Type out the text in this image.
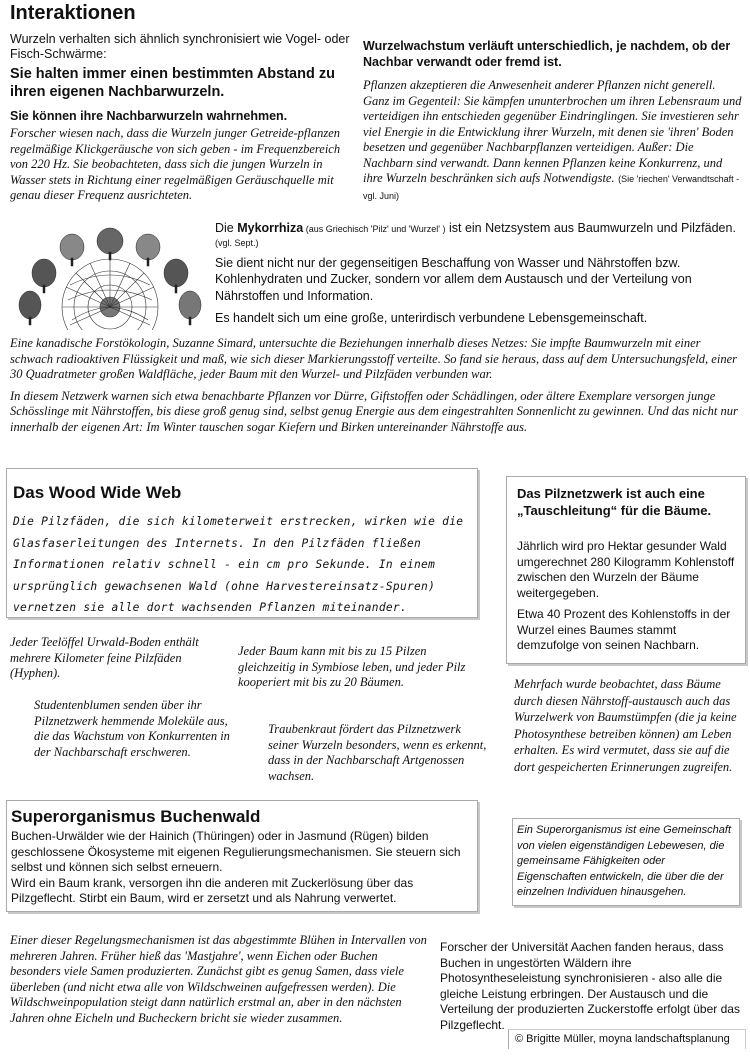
Interaktionen
Wurzeln verhalten sich ähnlich synchronisiert wie Vogel- oder Fisch-Schwärme:
Sie halten immer einen bestimmten Abstand zu ihren eigenen Nachbarwurzeln.
Sie können ihre Nachbarwurzeln wahrnehmen.
Forscher wiesen nach, dass die Wurzeln junger Getreide-pflanzen regelmäßige Klickgeräusche von sich geben - im Frequenzbereich von 220 Hz. Sie beobachteten, dass sich die jungen Wurzeln in Wasser stets in Richtung einer regelmäßigen Geräuschquelle mit genau dieser Frequenz ausrichteten.
Wurzelwachstum verläuft unterschiedlich, je nachdem, ob der Nachbar verwandt oder fremd ist.
Pflanzen akzeptieren die Anwesenheit anderer Pflanzen nicht generell. Ganz im Gegenteil: Sie kämpfen ununterbrochen um ihren Lebensraum und verteidigen ihn entschieden gegenüber Eindringlingen. Sie investieren sehr viel Energie in die Entwicklung ihrer Wurzeln, mit denen sie 'ihren' Boden besetzen und gegenüber Nachbarpflanzen verteidigen. Außer: Die Nachbarn sind verwandt. Dann kennen Pflanzen keine Konkurrenz, und ihre Wurzeln beschränken sich aufs Notwendigste. (Sie 'riechen' Verwandtschaft - vgl. Juni)
Die Mykorrhiza (aus Griechisch 'Pilz' und 'Wurzel' ) ist ein Netzsystem aus Baumwurzeln und Pilzfäden.
(vgl. Sept.)
Sie dient nicht nur der gegenseitigen Beschaffung von Wasser und Nährstoffen bzw. Kohlenhydraten und Zucker, sondern vor allem dem Austausch und der Verteilung von Nährstoffen und Information.
Es handelt sich um eine große, unterirdisch verbundene Lebensgemeinschaft.
Eine kanadische Forstökologin, Suzanne Simard, untersuchte die Beziehungen innerhalb dieses Netzes: Sie impfte Baumwurzeln mit einer schwach radioaktiven Flüssigkeit und maß, wie sich dieser Markierungsstoff verteilte. So fand sie heraus, dass auf dem Untersuchungsfeld, einer 30 Quadratmeter großen Waldfläche, jeder Baum mit den Wurzel- und Pilzfäden verbunden war.
In diesem Netzwerk warnen sich etwa benachbarte Pflanzen vor Dürre, Giftstoffen oder Schädlingen, oder ältere Exemplare versorgen junge Schösslinge mit Nährstoffen, bis diese groß genug sind, selbst genug Energie aus dem eingestrahlten Sonnenlicht zu gewinnen. Und das nicht nur innerhalb der eigenen Art: Im Winter tauschen sogar Kiefern und Birken untereinander Nährstoffe aus.
Das Wood Wide Web
Die Pilzfäden, die sich kilometerweit erstrecken, wirken wie die Glasfaserleitungen des Internets. In den Pilzfäden fließen Informationen relativ schnell - ein cm pro Sekunde. In einem ursprünglich gewachsenen Wald (ohne Harvestereinsatz-Spuren) vernetzen sie alle dort wachsenden Pflanzen miteinander.
Das Pilznetzwerk ist auch eine „Tauschleitung“ für die Bäume.
Jährlich wird pro Hektar gesunder Wald umgerechnet 280 Kilogramm Kohlenstoff zwischen den Wurzeln der Bäume weitergegeben.
Etwa 40 Prozent des Kohlenstoffs in der Wurzel eines Baumes stammt demzufolge von seinen Nachbarn.
Mehrfach wurde beobachtet, dass Bäume durch diesen Nährstoff-austausch auch das Wurzelwerk von Baumstümpfen (die ja keine Photosynthese betreiben können) am Leben erhalten. Es wird vermutet, dass sie auf die dort gespeicherten Erinnerungen zugreifen.
Jeder Teelöffel Urwald-Boden enthält mehrere Kilometer feine Pilzfäden (Hyphen).
Jeder Baum kann mit bis zu 15 Pilzen gleichzeitig in Symbiose leben, und jeder Pilz kooperiert mit bis zu 20 Bäumen.
Studentenblumen senden über ihr Pilznetzwerk hemmende Moleküle aus, die das Wachstum von Konkurrenten in der Nachbarschaft erschweren.
Traubenkraut fördert das Pilznetzwerk seiner Wurzeln besonders, wenn es erkennt, dass in der Nachbarschaft Artgenossen wachsen.
Superorganismus Buchenwald
Buchen-Urwälder wie der Hainich (Thüringen) oder in Jasmund (Rügen) bilden geschlossene Ökosysteme mit eigenen Regulierungsmechanismen. Sie steuern sich selbst und können sich selbst erneuern.
Wird ein Baum krank, versorgen ihn die anderen mit Zuckerlösung über das Pilzgeflecht. Stirbt ein Baum, wird er zersetzt und als Nahrung verwertet.
Ein Superorganismus ist eine Gemeinschaft von vielen eigenständigen Lebewesen, die gemeinsame Fähigkeiten oder Eigenschaften entwickeln, die über die der einzelnen Individuen hinausgehen.
Einer dieser Regelungsmechanismen ist das abgestimmte Blühen in Intervallen von mehreren Jahren. Früher hieß das 'Mastjahre', wenn Eichen oder Buchen besonders viele Samen produzierten. Zunächst gibt es genug Samen, dass viele überleben (und nicht etwa alle von Wildschweinen aufgefressen werden). Die Wildschweinpopulation steigt dann natürlich erstmal an, aber in den nächsten Jahren ohne Eicheln und Bucheckern bricht sie wieder zusammen.
Forscher der Universität Aachen fanden heraus, dass Buchen in ungestörten Wäldern ihre Photosyntheseleistung synchronisieren - also alle die gleiche Leistung erbringen. Der Austausch und die Verteilung der produzierten Zuckerstoffe erfolgt über das Pilzgeflecht.
© Brigitte Müller, moyna landschaftsplanung
